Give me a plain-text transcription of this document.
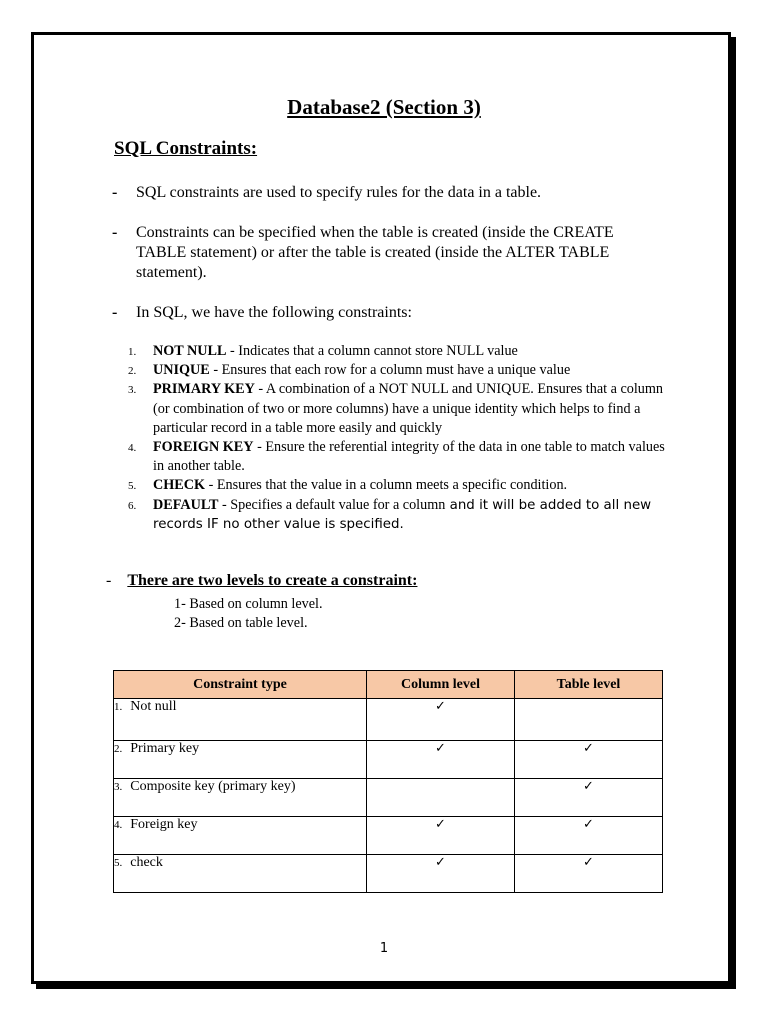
Database2 (Section 3)
SQL Constraints:
- SQL constraints are used to specify rules for the data in a table.
- Constraints can be specified when the table is created (inside the CREATE TABLE statement) or after the table is created (inside the ALTER TABLE statement).
- In SQL, we have the following constraints:
1. NOT NULL - Indicates that a column cannot store NULL value
2. UNIQUE - Ensures that each row for a column must have a unique value
3. PRIMARY KEY - A combination of a NOT NULL and UNIQUE. Ensures that a column (or combination of two or more columns) have a unique identity which helps to find a particular record in a table more easily and quickly
4. FOREIGN KEY - Ensure the referential integrity of the data in one table to match values in another table.
5. CHECK - Ensures that the value in a column meets a specific condition.
6. DEFAULT - Specifies a default value for a column and it will be added to all new records IF no other value is specified.
- There are two levels to create a constraint:
1- Based on column level.
2- Based on table level.
Constraint type	Column level	Table level
1. Not null	✓	
2. Primary key	✓	✓
3. Composite key (primary key)		✓
4. Foreign key	✓	✓
5. check	✓	✓
1
